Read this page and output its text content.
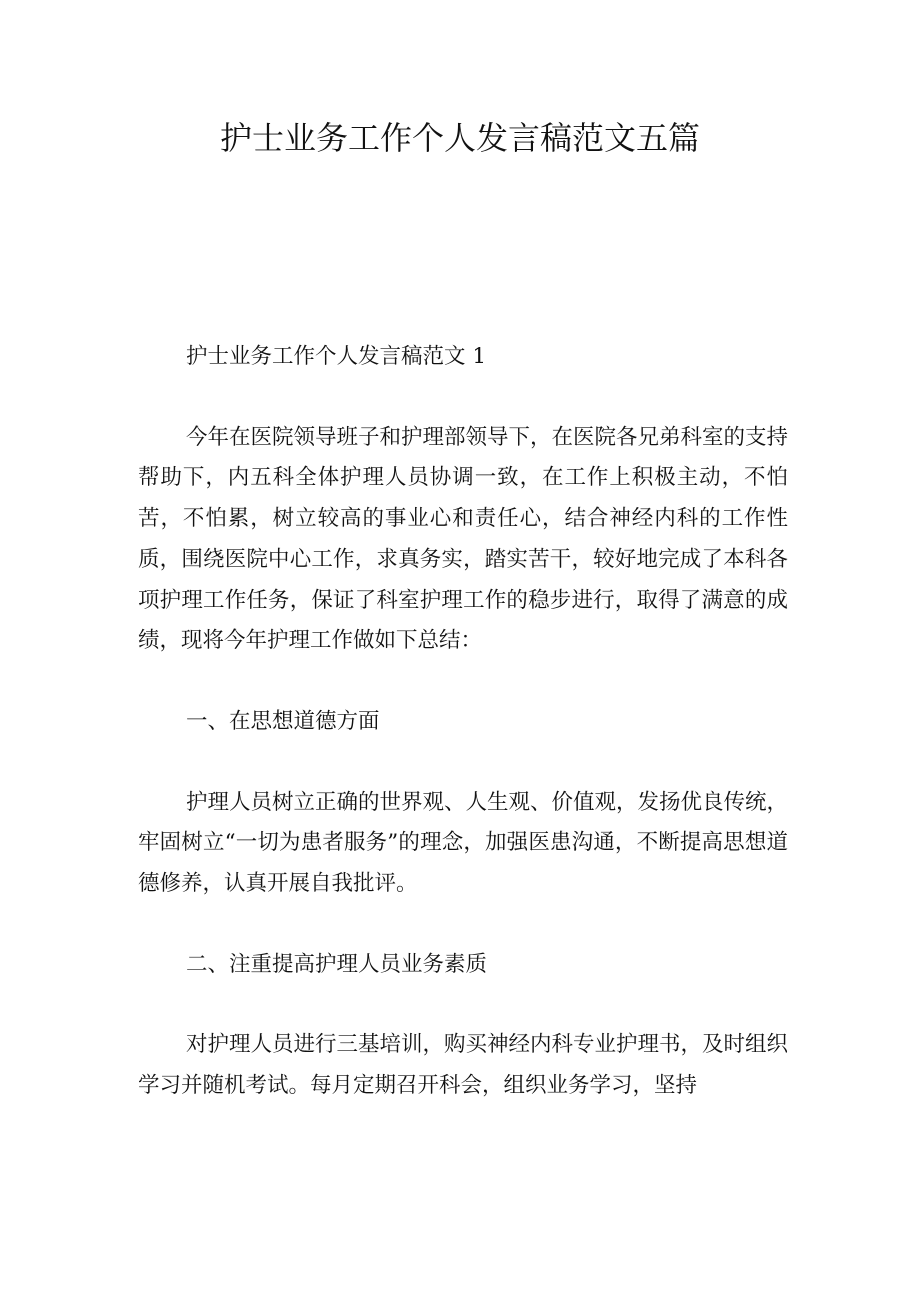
护士业务工作个人发言稿范文五篇

护士业务工作个人发言稿范文 1

今年在医院领导班子和护理部领导下，在医院各兄弟科室的支持帮助下，内五科全体护理人员协调一致，在工作上积极主动，不怕苦，不怕累，树立较高的事业心和责任心，结合神经内科的工作性质，围绕医院中心工作，求真务实，踏实苦干，较好地完成了本科各项护理工作任务，保证了科室护理工作的稳步进行，取得了满意的成绩，现将今年护理工作做如下总结：

一、在思想道德方面

护理人员树立正确的世界观、人生观、价值观，发扬优良传统，牢固树立“一切为患者服务”的理念，加强医患沟通，不断提高思想道德修养，认真开展自我批评。

二、注重提高护理人员业务素质

对护理人员进行三基培训，购买神经内科专业护理书，及时组织学习并随机考试。每月定期召开科会，组织业务学习，坚持
